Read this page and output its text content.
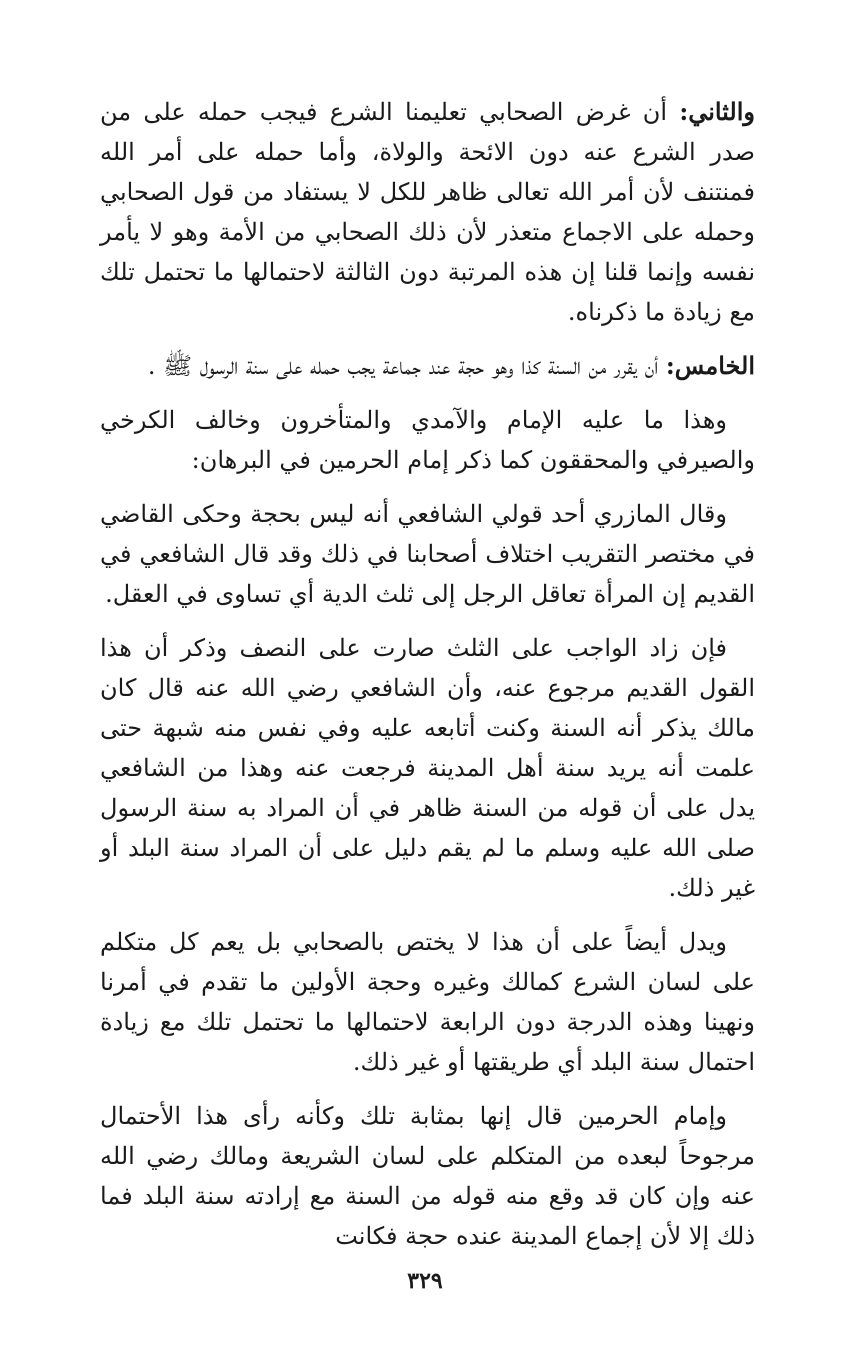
والثاني: أن غرض الصحابي تعليمنا الشرع فيجب حمله على من صدر الشرع عنه دون الائحة والولاة، وأما حمله على أمر الله فمنتنف لأن أمر الله تعالى ظاهر للكل لا يستفاد من قول الصحابي وحمله على الاجماع متعذر لأن ذلك الصحابي من الأمة وهو لا يأمر نفسه وإنما قلنا إن هذه المرتبة دون الثالثة لاحتمالها ما تحتمل تلك مع زيادة ما ذكرناه.

الخامس: أن يقرر من السنة كذا وهو حجة عند جماعة يجب حمله على سنة الرسول ﷺ .

وهذا ما عليه الإمام والآمدي والمتأخرون وخالف الكرخي والصيرفي والمحققون كما ذكر إمام الحرمين في البرهان:

وقال المازري أحد قولي الشافعي أنه ليس بحجة وحكى القاضي في مختصر التقريب اختلاف أصحابنا في ذلك وقد قال الشافعي في القديم إن المرأة تعاقل الرجل إلى ثلث الدية أي تساوى في العقل.

فإن زاد الواجب على الثلث صارت على النصف وذكر أن هذا القول القديم مرجوع عنه، وأن الشافعي رضي الله عنه قال كان مالك يذكر أنه السنة وكنت أتابعه عليه وفي نفس منه شبهة حتى علمت أنه يريد سنة أهل المدينة فرجعت عنه وهذا من الشافعي يدل على أن قوله من السنة ظاهر في أن المراد به سنة الرسول صلى الله عليه وسلم ما لم يقم دليل على أن المراد سنة البلد أو غير ذلك.

ويدل أيضاً على أن هذا لا يختص بالصحابي بل يعم كل متكلم على لسان الشرع كمالك وغيره وحجة الأولين ما تقدم في أمرنا ونهينا وهذه الدرجة دون الرابعة لاحتمالها ما تحتمل تلك مع زيادة احتمال سنة البلد أي طريقتها أو غير ذلك.

وإمام الحرمين قال إنها بمثابة تلك وكأنه رأى هذا الأحتمال مرجوحاً لبعده من المتكلم على لسان الشريعة ومالك رضي الله عنه وإن كان قد وقع منه قوله من السنة مع إرادته سنة البلد فما ذلك إلا لأن إجماع المدينة عنده حجة فكانت

٣٢٩
